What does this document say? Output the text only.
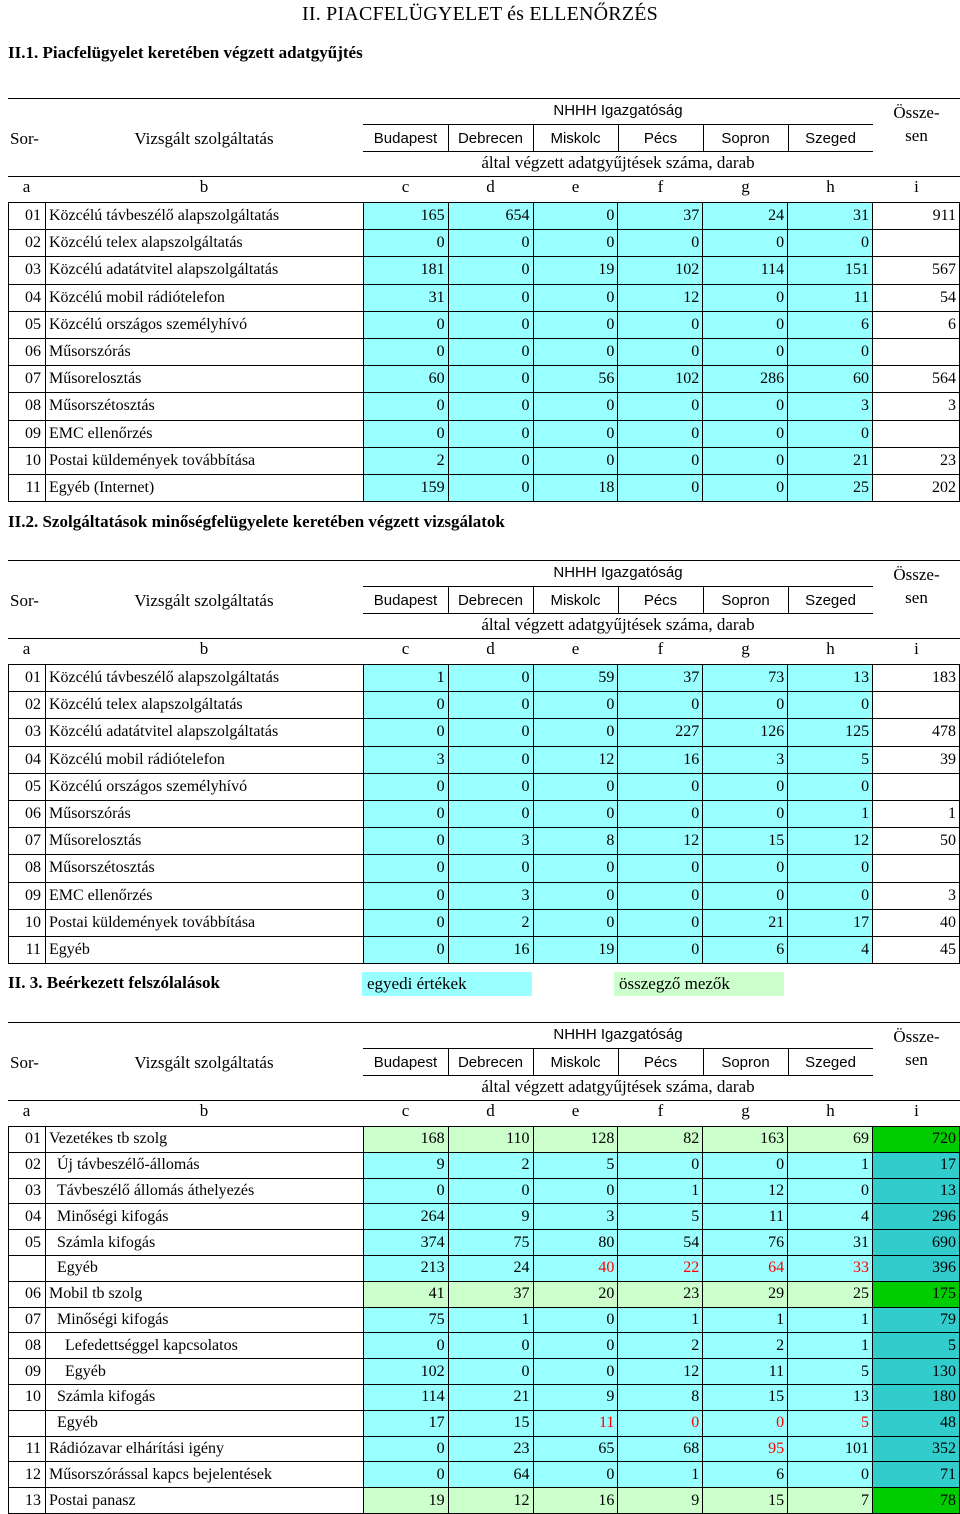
II. PIACFELÜGYELET és ELLENŐRZÉS
II.1. Piacfelügyelet keretében végzett adatgyűjtés
NHHH Igazgatóság
Sor-	Vizsgált szolgáltatás	Budapest	Debrecen	Miskolc	Pécs	Sopron	Szeged
Össze-
sen
által végzett adatgyűjtések száma, darab
a	b	c	d	e	f	g	h	i
01	Közcélú távbeszélő alapszolgáltatás	165	654	0	37	24	31	911
02	Közcélú telex alapszolgáltatás	0	0	0	0	0	0	
03	Közcélú adatátvitel alapszolgáltatás	181	0	19	102	114	151	567
04	Közcélú mobil rádiótelefon	31	0	0	12	0	11	54
05	Közcélú országos személyhívó	0	0	0	0	0	6	6
06	Műsorszórás	0	0	0	0	0	0	
07	Műsorelosztás	60	0	56	102	286	60	564
08	Műsorszétosztás	0	0	0	0	0	3	3
09	EMC ellenőrzés	0	0	0	0	0	0	
10	Postai küldemények továbbítása	2	0	0	0	0	21	23
11	Egyéb (Internet)	159	0	18	0	0	25	202
II.2. Szolgáltatások minőségfelügyelete keretében végzett vizsgálatok
NHHH Igazgatóság
Sor-	Vizsgált szolgáltatás	Budapest	Debrecen	Miskolc	Pécs	Sopron	Szeged
Össze-
sen
által végzett adatgyűjtések száma, darab
a	b	c	d	e	f	g	h	i
01	Közcélú távbeszélő alapszolgáltatás	1	0	59	37	73	13	183
02	Közcélú telex alapszolgáltatás	0	0	0	0	0	0	
03	Közcélú adatátvitel alapszolgáltatás	0	0	0	227	126	125	478
04	Közcélú mobil rádiótelefon	3	0	12	16	3	5	39
05	Közcélú országos személyhívó	0	0	0	0	0	0	
06	Műsorszórás	0	0	0	0	0	1	1
07	Műsorelosztás	0	3	8	12	15	12	50
08	Műsorszétosztás	0	0	0	0	0	0	
09	EMC ellenőrzés	0	3	0	0	0	0	3
10	Postai küldemények továbbítása	0	2	0	0	21	17	40
11	Egyéb	0	16	19	0	6	4	45
II. 3. Beérkezett felszólalások	egyedi értékek	összegző mezők
NHHH Igazgatóság
Sor-	Vizsgált szolgáltatás	Budapest	Debrecen	Miskolc	Pécs	Sopron	Szeged
Össze-
sen
által végzett adatgyűjtések száma, darab
a	b	c	d	e	f	g	h	i
01	Vezetékes tb szolg	168	110	128	82	163	69	720
02	Új távbeszélő-állomás	9	2	5	0	0	1	17
03	Távbeszélő állomás áthelyezés	0	0	0	1	12	0	13
04	Minőségi kifogás	264	9	3	5	11	4	296
05	Számla kifogás	374	75	80	54	76	31	690
	Egyéb	213	24	40	22	64	33	396
06	Mobil tb szolg	41	37	20	23	29	25	175
07	Minőségi kifogás	75	1	0	1	1	1	79
08	Lefedettséggel kapcsolatos	0	0	0	2	2	1	5
09	Egyéb	102	0	0	12	11	5	130
10	Számla kifogás	114	21	9	8	15	13	180
	Egyéb	17	15	11	0	0	5	48
11	Rádiózavar elhárítási igény	0	23	65	68	95	101	352
12	Műsorszórással kapcs bejelentések	0	64	0	1	6	0	71
13	Postai panasz	19	12	16	9	15	7	78
